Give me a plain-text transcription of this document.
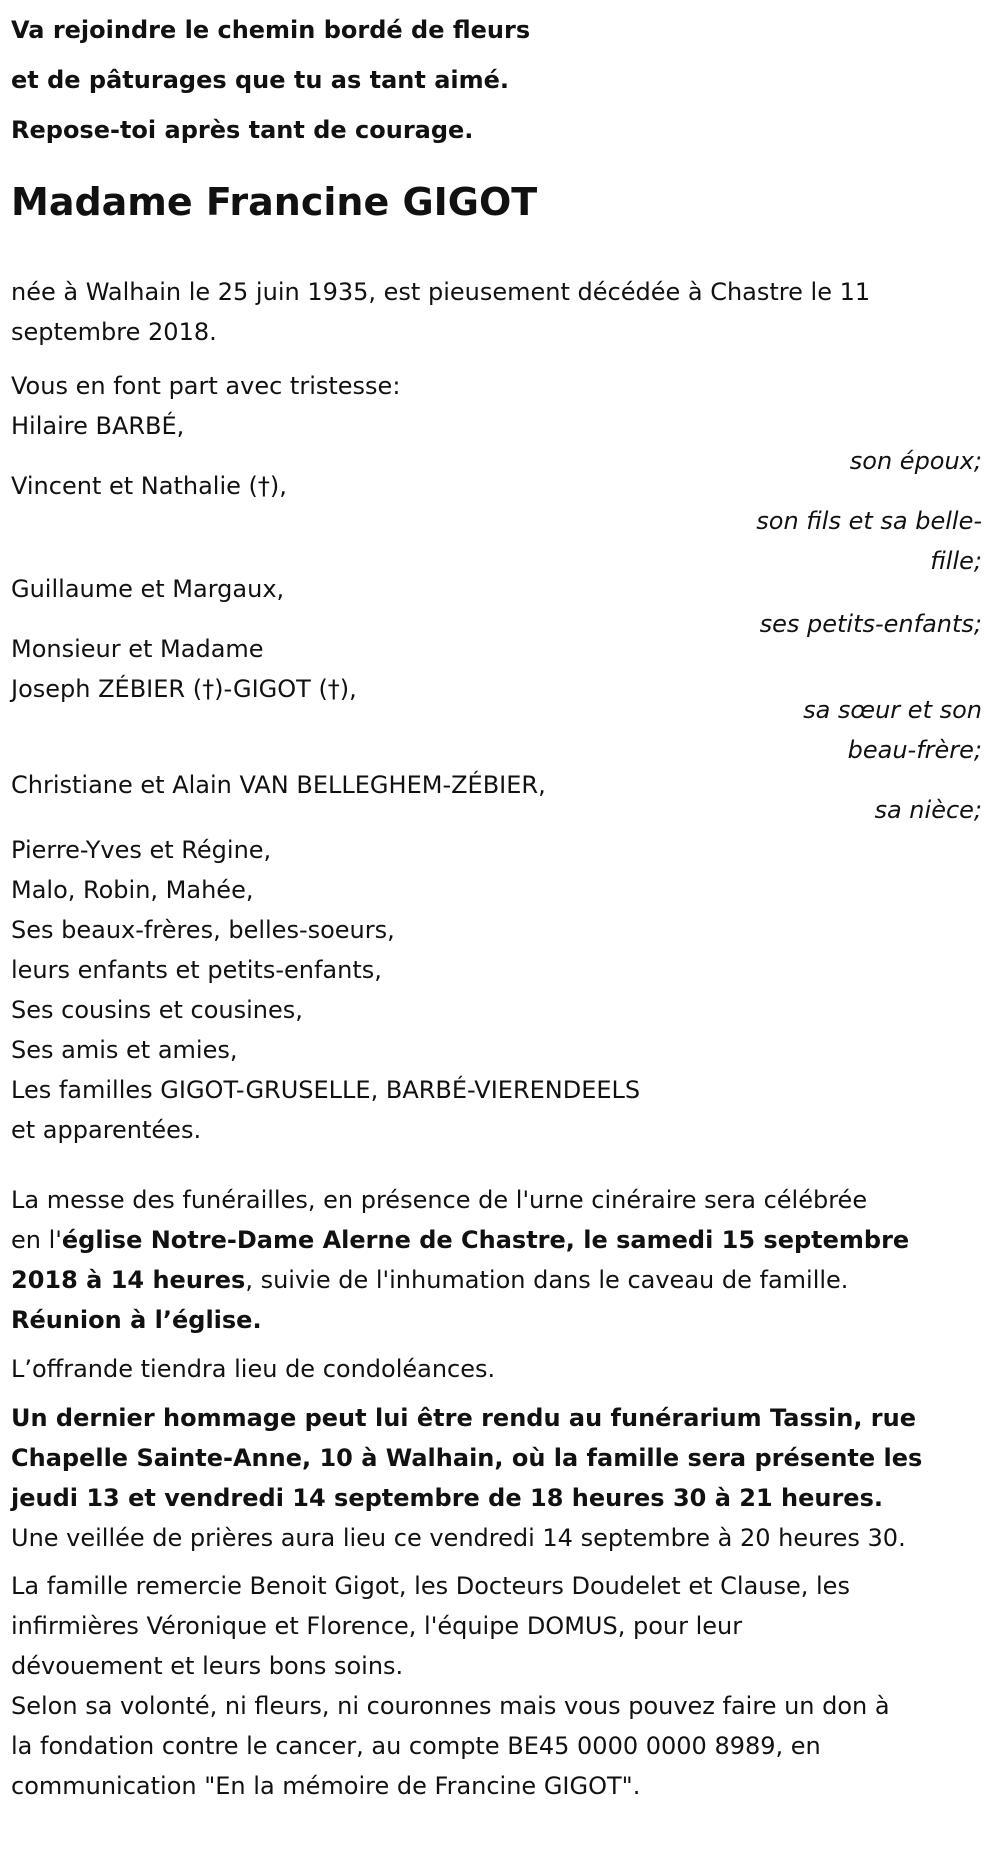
Va rejoindre le chemin bordé de fleurs
et de pâturages que tu as tant aimé.
Repose-toi après tant de courage.
Madame Francine GIGOT
née à Walhain le 25 juin 1935, est pieusement décédée à Chastre le 11
septembre 2018.
Vous en font part avec tristesse:
Hilaire BARBÉ,
son époux;
Vincent et Nathalie (†),
son fils et sa belle-
fille;
Guillaume et Margaux,
ses petits-enfants;
Monsieur et Madame
Joseph ZÉBIER (†)-GIGOT (†),
sa sœur et son
beau-frère;
Christiane et Alain VAN BELLEGHEM-ZÉBIER,
sa nièce;
Pierre-Yves et Régine,
Malo, Robin, Mahée,
Ses beaux-frères, belles-soeurs,
leurs enfants et petits-enfants,
Ses cousins et cousines,
Ses amis et amies,
Les familles GIGOT-GRUSELLE, BARBÉ-VIERENDEELS
et apparentées.
La messe des funérailles, en présence de l'urne cinéraire sera célébrée
en l'église Notre-Dame Alerne de Chastre, le samedi 15 septembre
2018 à 14 heures, suivie de l'inhumation dans le caveau de famille.
Réunion à l’église.
L’offrande tiendra lieu de condoléances.
Un dernier hommage peut lui être rendu au funérarium Tassin, rue
Chapelle Sainte-Anne, 10 à Walhain, où la famille sera présente les
jeudi 13 et vendredi 14 septembre de 18 heures 30 à 21 heures.
Une veillée de prières aura lieu ce vendredi 14 septembre à 20 heures 30.
La famille remercie Benoit Gigot, les Docteurs Doudelet et Clause, les
infirmières Véronique et Florence, l'équipe DOMUS, pour leur
dévouement et leurs bons soins.
Selon sa volonté, ni fleurs, ni couronnes mais vous pouvez faire un don à
la fondation contre le cancer, au compte BE45 0000 0000 8989, en
communication "En la mémoire de Francine GIGOT".
